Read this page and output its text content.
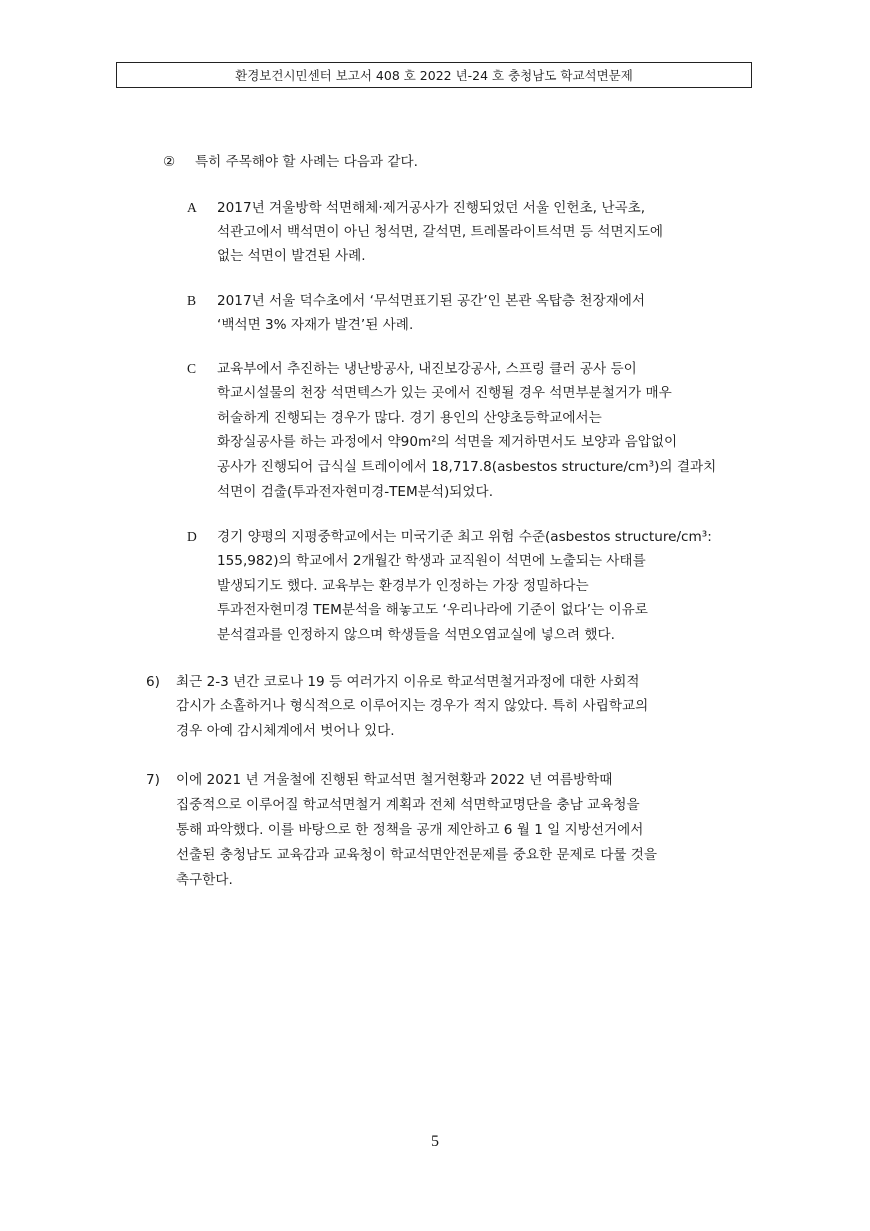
환경보건시민센터 보고서 408 호 2022 년-24 호 충청남도 학교석면문제
② 특히 주목해야 할 사례는 다음과 같다.
A 2017년 겨울방학 석면해체·제거공사가 진행되었던 서울 인헌초, 난곡초,
석관고에서 백석면이 아닌 청석면, 갈석면, 트레몰라이트석면 등 석면지도에
없는 석면이 발견된 사례.
B 2017년 서울 덕수초에서 ‘무석면표기된 공간’인 본관 옥탑층 천장재에서
‘백석면 3% 자재가 발견’된 사례.
C 교육부에서 추진하는 냉난방공사, 내진보강공사, 스프링 클러 공사 등이
학교시설물의 천장 석면텍스가 있는 곳에서 진행될 경우 석면부분철거가 매우
허술하게 진행되는 경우가 많다. 경기 용인의 산양초등학교에서는
화장실공사를 하는 과정에서 약90m²의 석면을 제거하면서도 보양과 음압없이
공사가 진행되어 급식실 트레이에서 18,717.8(asbestos structure/cm³)의 결과치
석면이 검출(투과전자현미경-TEM분석)되었다.
D 경기 양평의 지평중학교에서는 미국기준 최고 위험 수준(asbestos structure/cm³:
155,982)의 학교에서 2개월간 학생과 교직원이 석면에 노출되는 사태를
발생되기도 했다. 교육부는 환경부가 인정하는 가장 정밀하다는
투과전자현미경 TEM분석을 해놓고도 ‘우리나라에 기준이 없다’는 이유로
분석결과를 인정하지 않으며 학생들을 석면오염교실에 넣으려 했다.
6) 최근 2-3 년간 코로나 19 등 여러가지 이유로 학교석면철거과정에 대한 사회적
감시가 소홀하거나 형식적으로 이루어지는 경우가 적지 않았다. 특히 사립학교의
경우 아예 감시체계에서 벗어나 있다.
7) 이에 2021 년 겨울철에 진행된 학교석면 철거현황과 2022 년 여름방학때
집중적으로 이루어질 학교석면철거 계획과 전체 석면학교명단을 충남 교육청을
통해 파악했다. 이를 바탕으로 한 정책을 공개 제안하고 6 월 1 일 지방선거에서
선출된 충청남도 교육감과 교육청이 학교석면안전문제를 중요한 문제로 다룰 것을
촉구한다.
5
